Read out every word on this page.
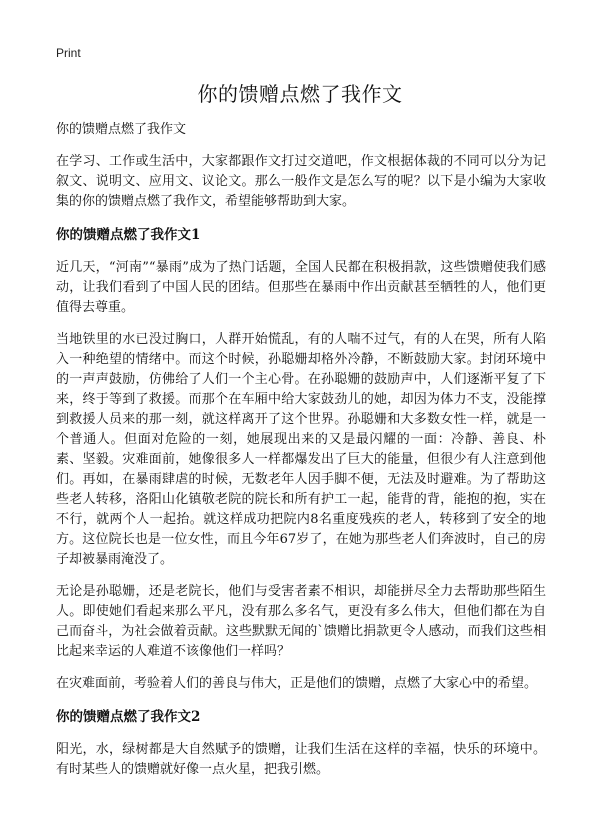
Print
你的馈赠点燃了我作文

你的馈赠点燃了我作文

在学习、工作或生活中，大家都跟作文打过交道吧，作文根据体裁的不同可以分为记叙文、说明文、应用文、议论文。那么一般作文是怎么写的呢？以下是小编为大家收集的你的馈赠点燃了我作文，希望能够帮助到大家。

你的馈赠点燃了我作文1

近几天，“河南”“暴雨”成为了热门话题，全国人民都在积极捐款，这些馈赠使我们感动，让我们看到了中国人民的团结。但那些在暴雨中作出贡献甚至牺牲的人，他们更值得去尊重。

当地铁里的水已没过胸口，人群开始慌乱，有的人喘不过气，有的人在哭，所有人陷入一种绝望的情绪中。而这个时候，孙聪姗却格外冷静，不断鼓励大家。封闭环境中的一声声鼓励，仿佛给了人们一个主心骨。在孙聪姗的鼓励声中，人们逐渐平复了下来，终于等到了救援。而那个在车厢中给大家鼓劲儿的她，却因为体力不支，没能撑到救援人员来的那一刻，就这样离开了这个世界。孙聪姗和大多数女性一样，就是一个普通人。但面对危险的一刻，她展现出来的又是最闪耀的一面：冷静、善良、朴素、坚毅。灾难面前，她像很多人一样都爆发出了巨大的能量，但很少有人注意到他们。再如，在暴雨肆虐的时候，无数老年人因手脚不便，无法及时避难。为了帮助这些老人转移，洛阳山化镇敬老院的院长和所有护工一起，能背的背，能抱的抱，实在不行，就两个人一起抬。就这样成功把院内8名重度残疾的老人，转移到了安全的地方。这位院长也是一位女性，而且今年67岁了，在她为那些老人们奔波时，自己的房子却被暴雨淹没了。

无论是孙聪姗，还是老院长，他们与受害者素不相识，却能拼尽全力去帮助那些陌生人。即使她们看起来那么平凡，没有那么多名气，更没有多么伟大，但他们都在为自己而奋斗，为社会做着贡献。这些默默无闻的`馈赠比捐款更令人感动，而我们这些相比起来幸运的人难道不该像他们一样吗？

在灾难面前，考验着人们的善良与伟大，正是他们的馈赠，点燃了大家心中的希望。

你的馈赠点燃了我作文2

阳光，水，绿树都是大自然赋予的馈赠，让我们生活在这样的幸福，快乐的环境中。有时某些人的馈赠就好像一点火星，把我引燃。
